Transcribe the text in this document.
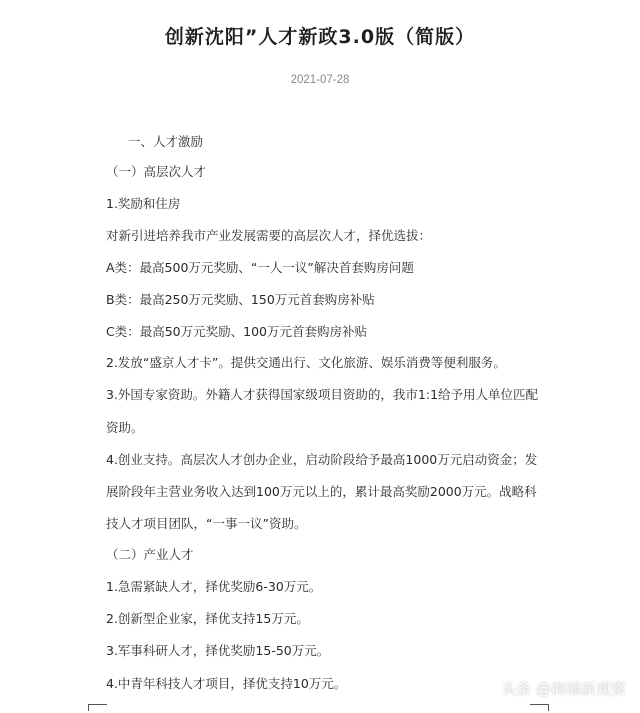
创新沈阳”人才新政3.0版（简版）
2021-07-28
一、人才激励
（一）高层次人才
1.奖励和住房
对新引进培养我市产业发展需要的高层次人才，择优选拔：
A类：最高500万元奖励、“一人一议”解决首套购房问题
B类：最高250万元奖励、150万元首套购房补贴
C类：最高50万元奖励、100万元首套购房补贴
2.发放“盛京人才卡”。提供交通出行、文化旅游、娱乐消费等便利服务。
3.外国专家资助。外籍人才获得国家级项目资助的，我市1:1给予用人单位匹配
资助。
4.创业支持。高层次人才创办企业，启动阶段给予最高1000万元启动资金；发
展阶段年主营业务收入达到100万元以上的，累计最高奖励2000万元。战略科
技人才项目团队，“一事一议”资助。
（二）产业人才
1.急需紧缺人才，择优奖励6-30万元。
2.创新型企业家，择优支持15万元。
3.军事科研人才，择优奖励15-50万元。
4.中青年科技人才项目，择优支持10万元。	头条 @海绵新观察
